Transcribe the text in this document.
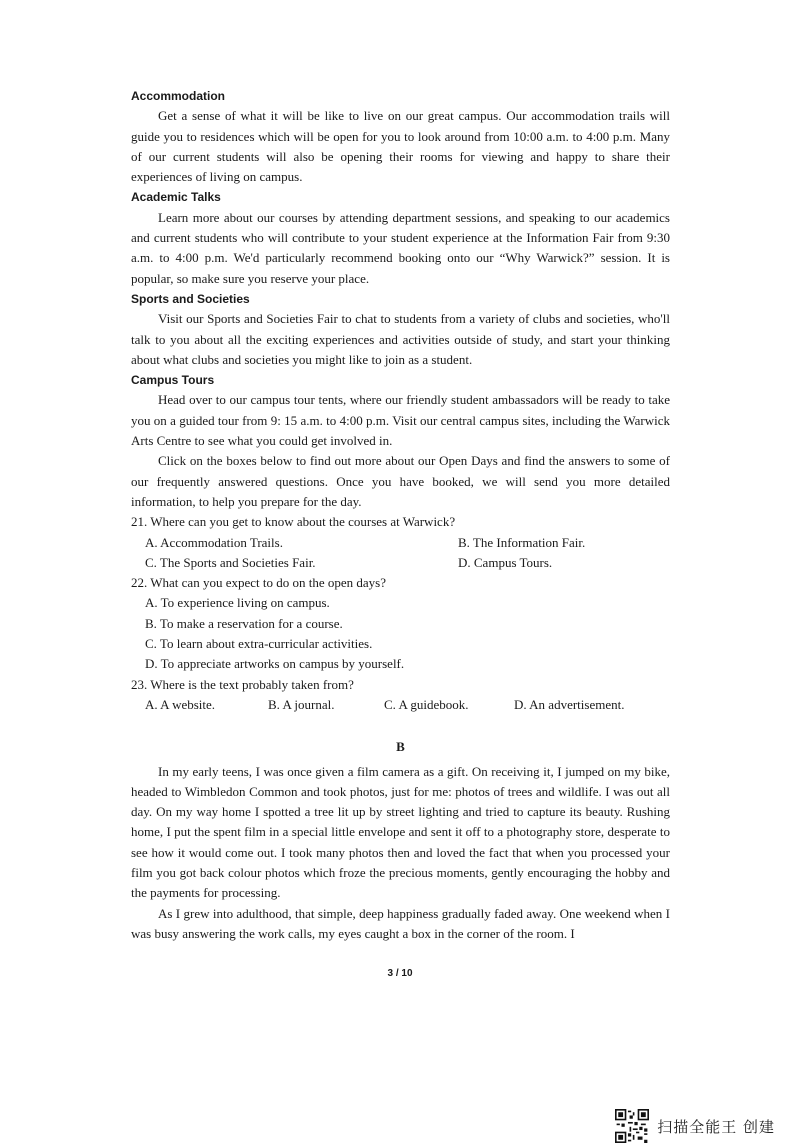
Accommodation

Get a sense of what it will be like to live on our great campus. Our accommodation trails will guide you to residences which will be open for you to look around from 10:00 a.m. to 4:00 p.m. Many of our current students will also be opening their rooms for viewing and happy to share their experiences of living on campus.

Academic Talks

Learn more about our courses by attending department sessions, and speaking to our academics and current students who will contribute to your student experience at the Information Fair from 9:30 a.m. to 4:00 p.m. We'd particularly recommend booking onto our “Why Warwick?” session. It is popular, so make sure you reserve your place.

Sports and Societies

Visit our Sports and Societies Fair to chat to students from a variety of clubs and societies, who'll talk to you about all the exciting experiences and activities outside of study, and start your thinking about what clubs and societies you might like to join as a student.

Campus Tours

Head over to our campus tour tents, where our friendly student ambassadors will be ready to take you on a guided tour from 9: 15 a.m. to 4:00 p.m. Visit our central campus sites, including the Warwick Arts Centre to see what you could get involved in.

Click on the boxes below to find out more about our Open Days and find the answers to some of our frequently answered questions. Once you have booked, we will send you more detailed information, to help you prepare for the day.

21. Where can you get to know about the courses at Warwick?

A. Accommodation Trails.	B. The Information Fair.
C. The Sports and Societies Fair.	D. Campus Tours.

22. What can you expect to do on the open days?

A. To experience living on campus.

B. To make a reservation for a course.

C. To learn about extra-curricular activities.

D. To appreciate artworks on campus by yourself.

23. Where is the text probably taken from?

A. A website.	B. A journal.	C. A guidebook.	D. An advertisement.

B

In my early teens, I was once given a film camera as a gift. On receiving it, I jumped on my bike, headed to Wimbledon Common and took photos, just for me: photos of trees and wildlife. I was out all day. On my way home I spotted a tree lit up by street lighting and tried to capture its beauty. Rushing home, I put the spent film in a special little envelope and sent it off to a photography store, desperate to see how it would come out. I took many photos then and loved the fact that when you processed your film you got back colour photos which froze the precious moments, gently encouraging the hobby and the payments for processing.

As I grew into adulthood, that simple, deep happiness gradually faded away. One weekend when I was busy answering the work calls, my eyes caught a box in the corner of the room. I

3 / 10
扫描全能王 创建
